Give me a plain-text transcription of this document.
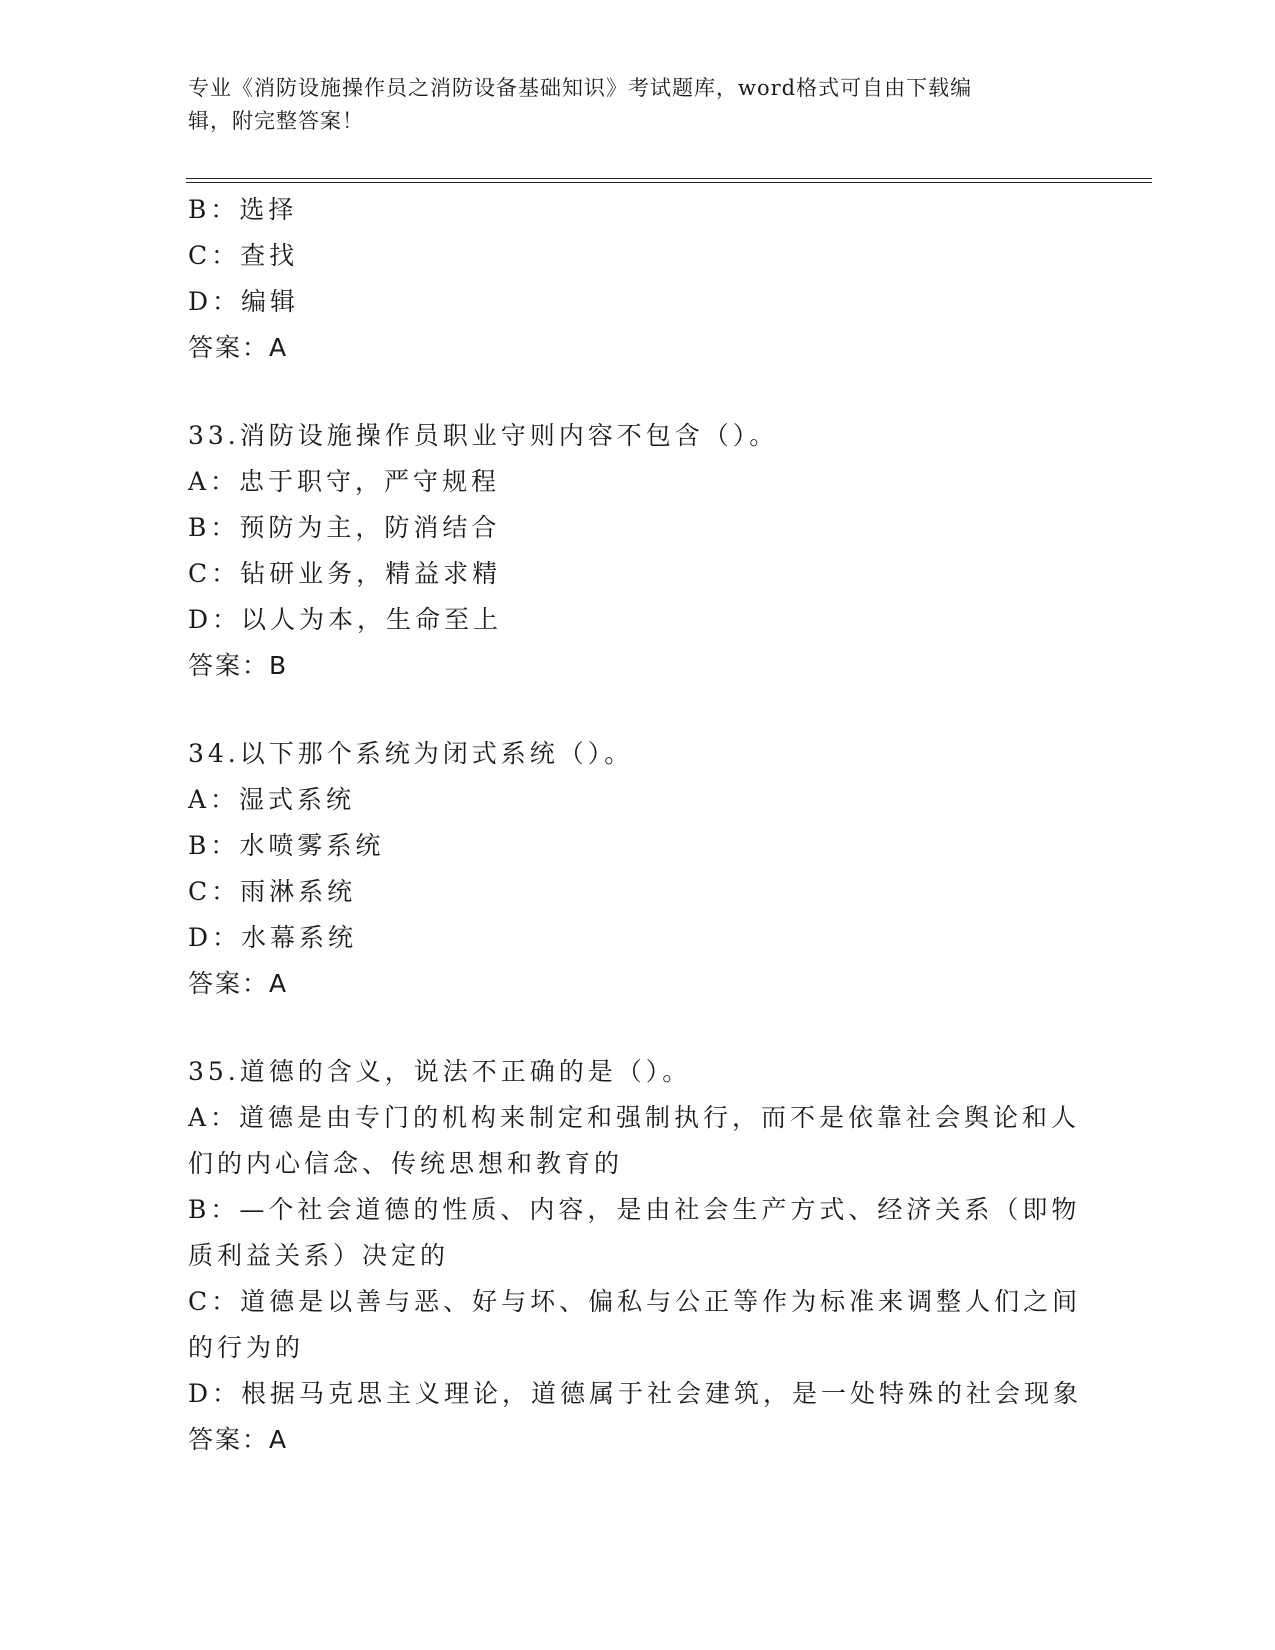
专业《消防设施操作员之消防设备基础知识》考试题库，word格式可自由下载编
辑，附完整答案！
B：选择
C：查找
D：编辑
答案：A
33.消防设施操作员职业守则内容不包含（）。
A：忠于职守，严守规程
B：预防为主，防消结合
C：钻研业务，精益求精
D：以人为本，生命至上
答案：B
34.以下那个系统为闭式系统（）。
A：湿式系统
B：水喷雾系统
C：雨淋系统
D：水幕系统
答案：A
35.道德的含义，说法不正确的是（）。
A：道德是由专门的机构来制定和强制执行，而不是依靠社会舆论和人
们的内心信念、传统思想和教育的
B：—个社会道德的性质、内容，是由社会生产方式、经济关系（即物
质利益关系）决定的
C：道德是以善与恶、好与坏、偏私与公正等作为标准来调整人们之间
的行为的
D：根据马克思主义理论，道德属于社会建筑，是一处特殊的社会现象
答案：A
